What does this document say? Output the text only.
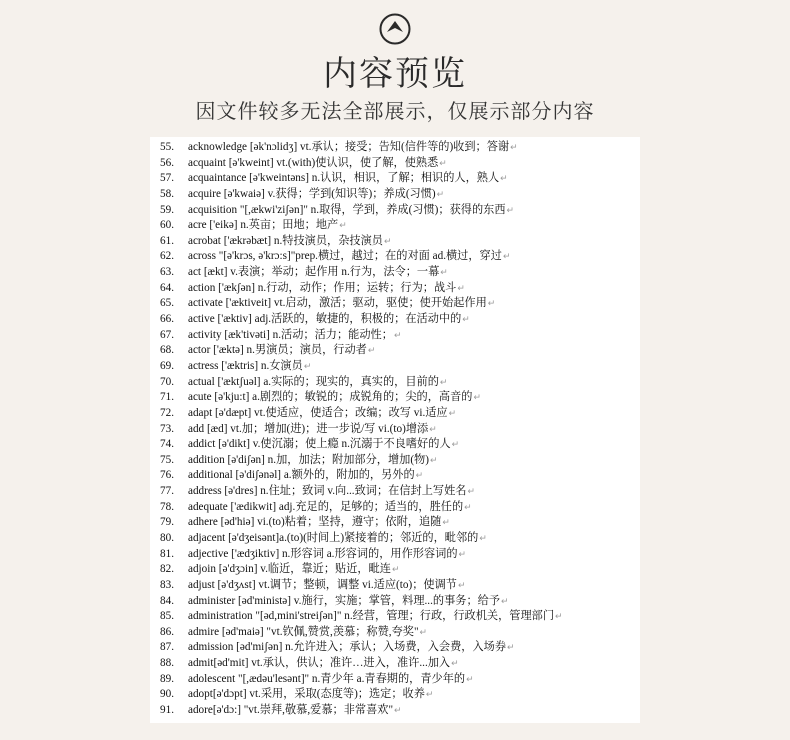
内容预览
因文件较多无法全部展示，仅展示部分内容
55. acknowledge [ək'nɔlidʒ] vt.承认；接受；告知(信件等的)收到；答谢↵
56. acquaint [ə'kweint] vt.(with)使认识，使了解，使熟悉↵
57. acquaintance [ə'kweintəns] n.认识，相识，了解；相识的人，熟人↵
58. acquire [ə'kwaiə] v.获得；学到(知识等)；养成(习惯)↵
59. acquisition "[,ækwi'ziʃən]" n.取得，学到，养成(习惯)；获得的东西↵
60. acre ['eikə] n.英亩；田地；地产↵
61. acrobat ['ækrəbæt] n.特技演员，杂技演员↵
62. across "[ə'krɔs, ə'krɔ:s]"prep.横过，越过；在的对面 ad.横过，穿过↵
63. act [ækt] v.表演；举动；起作用 n.行为，法令；一幕↵
64. action ['ækʃən] n.行动，动作；作用；运转；行为；战斗↵
65. activate ['æktiveit] vt.启动，激活；驱动，驱使；使开始起作用↵
66. active ['æktiv] adj.活跃的，敏捷的，积极的；在活动中的↵
67. activity [æk'tivəti] n.活动；活力；能动性；↵
68. actor ['æktə] n.男演员；演员，行动者↵
69. actress ['æktris] n.女演员↵
70. actual ['æktʃuəl] a.实际的；现实的，真实的，目前的↵
71. acute [ə'kju:t] a.剧烈的；敏锐的；成锐角的；尖的，高音的↵
72. adapt [ə'dæpt] vt.使适应，使适合；改编；改写 vi.适应↵
73. add [æd] vt.加；增加(进)；进一步说/写 vi.(to)增添↵
74. addict [ə'dikt] v.使沉溺；使上瘾 n.沉溺于不良嗜好的人↵
75. addition [ə'diʃən] n.加，加法；附加部分，增加(物)↵
76. additional [ə'diʃənəl] a.额外的，附加的，另外的↵
77. address [ə'dres] n.住址；致词 v.向...致词；在信封上写姓名↵
78. adequate ['ædikwit] adj.充足的，足够的；适当的，胜任的↵
79. adhere [əd'hiə] vi.(to)粘着；坚持，遵守；依附，追随↵
80. adjacent [ə'dʒeisənt]a.(to)(时间上)紧接着的；邻近的，毗邻的↵
81. adjective ['ædʒiktiv] n.形容词 a.形容词的，用作形容词的↵
82. adjoin [ə'dʒɔin] v.临近，靠近；贴近，毗连↵
83. adjust [ə'dʒʌst] vt.调节；整顿，调整 vi.适应(to)；使调节↵
84. administer [əd'ministə] v.施行，实施；掌管，料理...的事务；给予↵
85. administration "[əd,mini'streiʃən]" n.经营，管理；行政，行政机关，管理部门↵
86. admire [əd'maiə] "vt.钦佩,赞赏,羡慕；称赞,夸奖"↵
87. admission [əd'miʃən] n.允许进入；承认；入场费，入会费，入场券↵
88. admit[əd'mit] vt.承认，供认；准许…进入，准许...加入↵
89. adolescent "[,ædəu'lesənt]" n.青少年 a.青春期的，青少年的↵
90. adopt[ə'dɔpt] vt.采用，采取(态度等)；选定；收养↵
91. adore[ə'dɔ:] "vt.崇拜,敬慕,爱慕；非常喜欢"↵
